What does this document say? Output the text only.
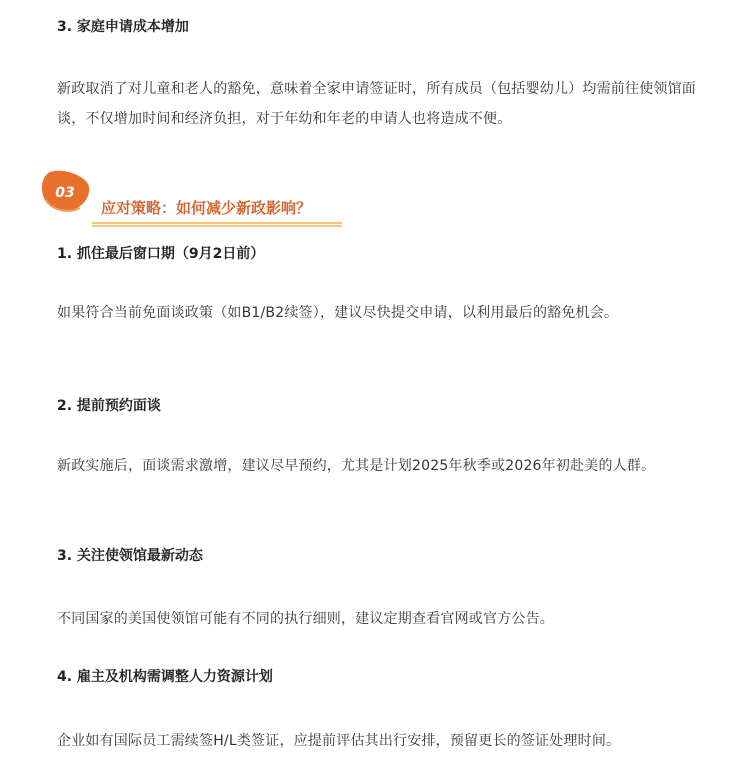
3. 家庭申请成本增加
新政取消了对儿童和老人的豁免，意味着全家申请签证时，所有成员（包括婴幼儿）均需前往使领馆面谈，不仅增加时间和经济负担，对于年幼和年老的申请人也将造成不便。
03
应对策略：如何减少新政影响？
1. 抓住最后窗口期（9月2日前）
如果符合当前免面谈政策（如B1/B2续签），建议尽快提交申请，以利用最后的豁免机会。
2. 提前预约面谈
新政实施后，面谈需求激增，建议尽早预约，尤其是计划2025年秋季或2026年初赴美的人群。
3. 关注使领馆最新动态
不同国家的美国使领馆可能有不同的执行细则，建议定期查看官网或官方公告。
4. 雇主及机构需调整人力资源计划
企业如有国际员工需续签H/L类签证，应提前评估其出行安排，预留更长的签证处理时间。
